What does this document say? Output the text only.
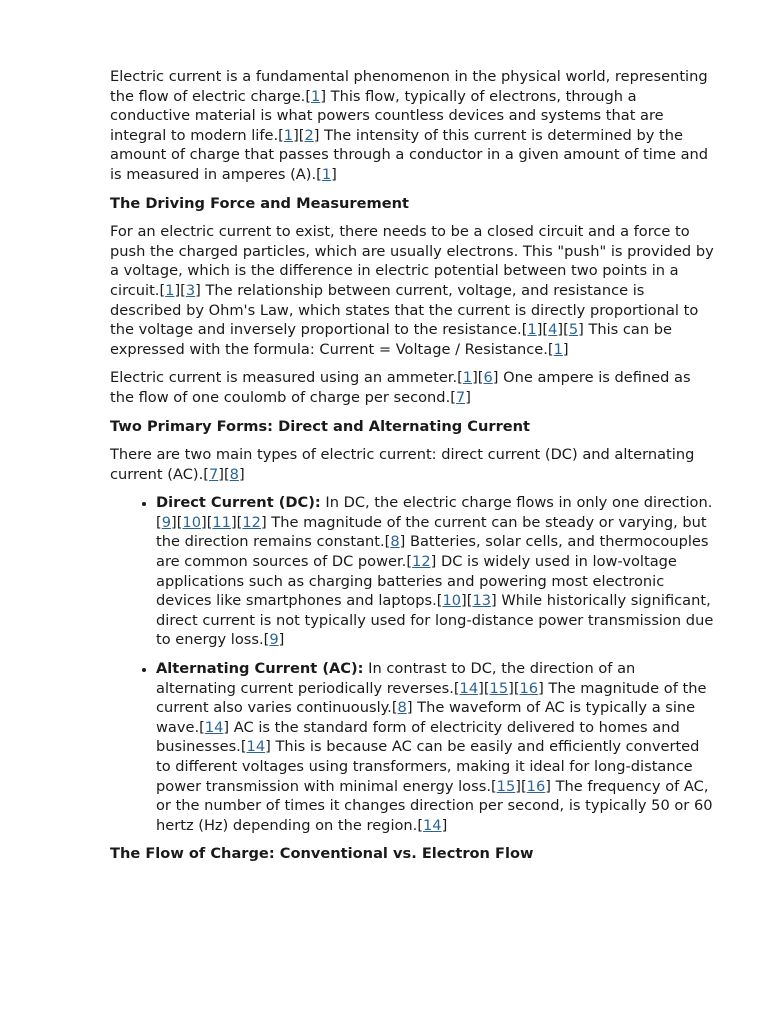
Electric current is a fundamental phenomenon in the physical world, representing the flow of electric charge.[1] This flow, typically of electrons, through a conductive material is what powers countless devices and systems that are integral to modern life.[1][2] The intensity of this current is determined by the amount of charge that passes through a conductor in a given amount of time and is measured in amperes (A).[1]

The Driving Force and Measurement

For an electric current to exist, there needs to be a closed circuit and a force to push the charged particles, which are usually electrons. This "push" is provided by a voltage, which is the difference in electric potential between two points in a circuit.[1][3] The relationship between current, voltage, and resistance is described by Ohm's Law, which states that the current is directly proportional to the voltage and inversely proportional to the resistance.[1][4][5] This can be expressed with the formula: Current = Voltage / Resistance.[1]

Electric current is measured using an ammeter.[1][6] One ampere is defined as the flow of one coulomb of charge per second.[7]

Two Primary Forms: Direct and Alternating Current

There are two main types of electric current: direct current (DC) and alternating current (AC).[7][8]

• Direct Current (DC): In DC, the electric charge flows in only one direction.[9][10][11][12] The magnitude of the current can be steady or varying, but the direction remains constant.[8] Batteries, solar cells, and thermocouples are common sources of DC power.[12] DC is widely used in low-voltage applications such as charging batteries and powering most electronic devices like smartphones and laptops.[10][13] While historically significant, direct current is not typically used for long-distance power transmission due to energy loss.[9]
• Alternating Current (AC): In contrast to DC, the direction of an alternating current periodically reverses.[14][15][16] The magnitude of the current also varies continuously.[8] The waveform of AC is typically a sine wave.[14] AC is the standard form of electricity delivered to homes and businesses.[14] This is because AC can be easily and efficiently converted to different voltages using transformers, making it ideal for long-distance power transmission with minimal energy loss.[15][16] The frequency of AC, or the number of times it changes direction per second, is typically 50 or 60 hertz (Hz) depending on the region.[14]
The Flow of Charge: Conventional vs. Electron Flow
